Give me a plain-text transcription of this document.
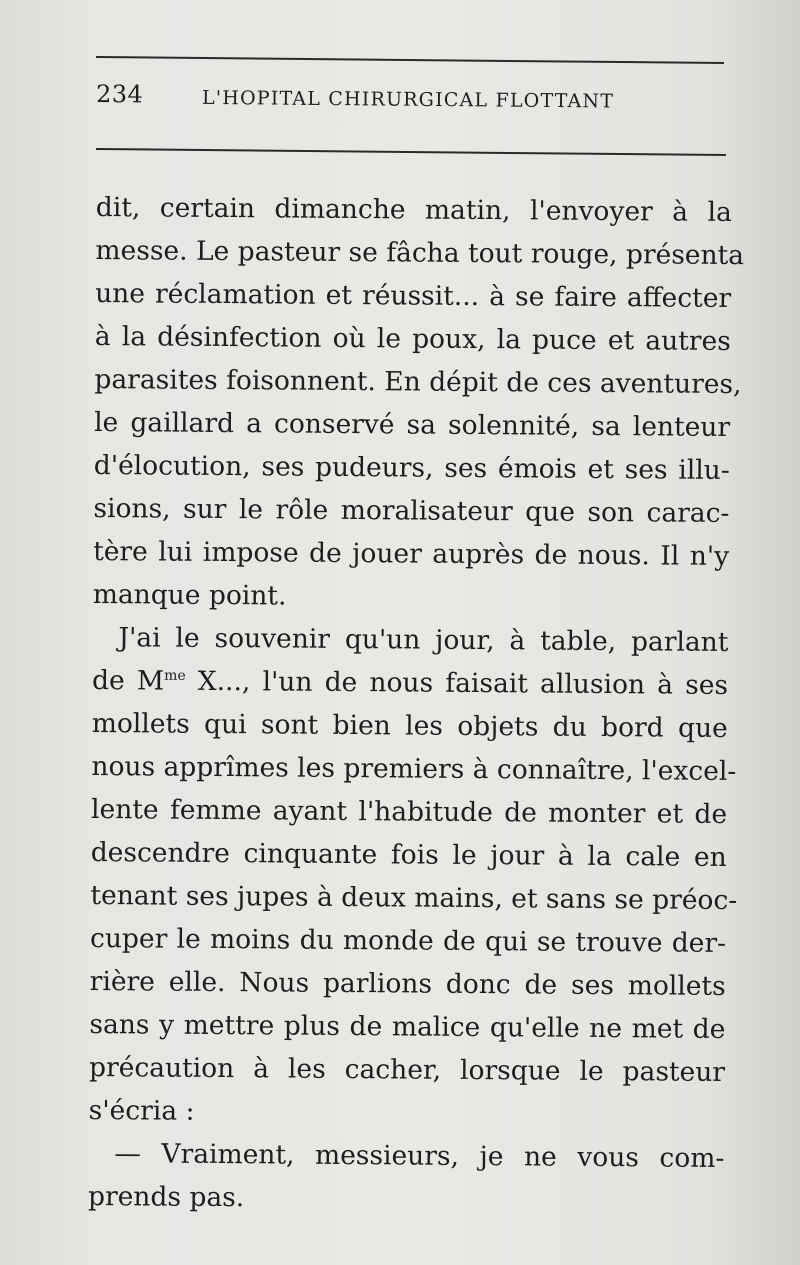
234	L'HOPITAL CHIRURGICAL FLOTTANT
dit, certain dimanche matin, l'envoyer à la
messe. Le pasteur se fâcha tout rouge, présenta
une réclamation et réussit... à se faire affecter
à la désinfection où le poux, la puce et autres
parasites foisonnent. En dépit de ces aventures,
le gaillard a conservé sa solennité, sa lenteur
d'élocution, ses pudeurs, ses émois et ses illu-
sions, sur le rôle moralisateur que son carac-
tère lui impose de jouer auprès de nous. Il n'y
manque point.
J'ai le souvenir qu'un jour, à table, parlant
de $M^{me}$ X..., l'un de nous faisait allusion à ses
mollets qui sont bien les objets du bord que
nous apprîmes les premiers à connaître, l'excel-
lente femme ayant l'habitude de monter et de
descendre cinquante fois le jour à la cale en
tenant ses jupes à deux mains, et sans se préoc-
cuper le moins du monde de qui se trouve der-
rière elle. Nous parlions donc de ses mollets
sans y mettre plus de malice qu'elle ne met de
précaution à les cacher, lorsque le pasteur
s'écria :
— Vraiment, messieurs, je ne vous com-
prends pas.
